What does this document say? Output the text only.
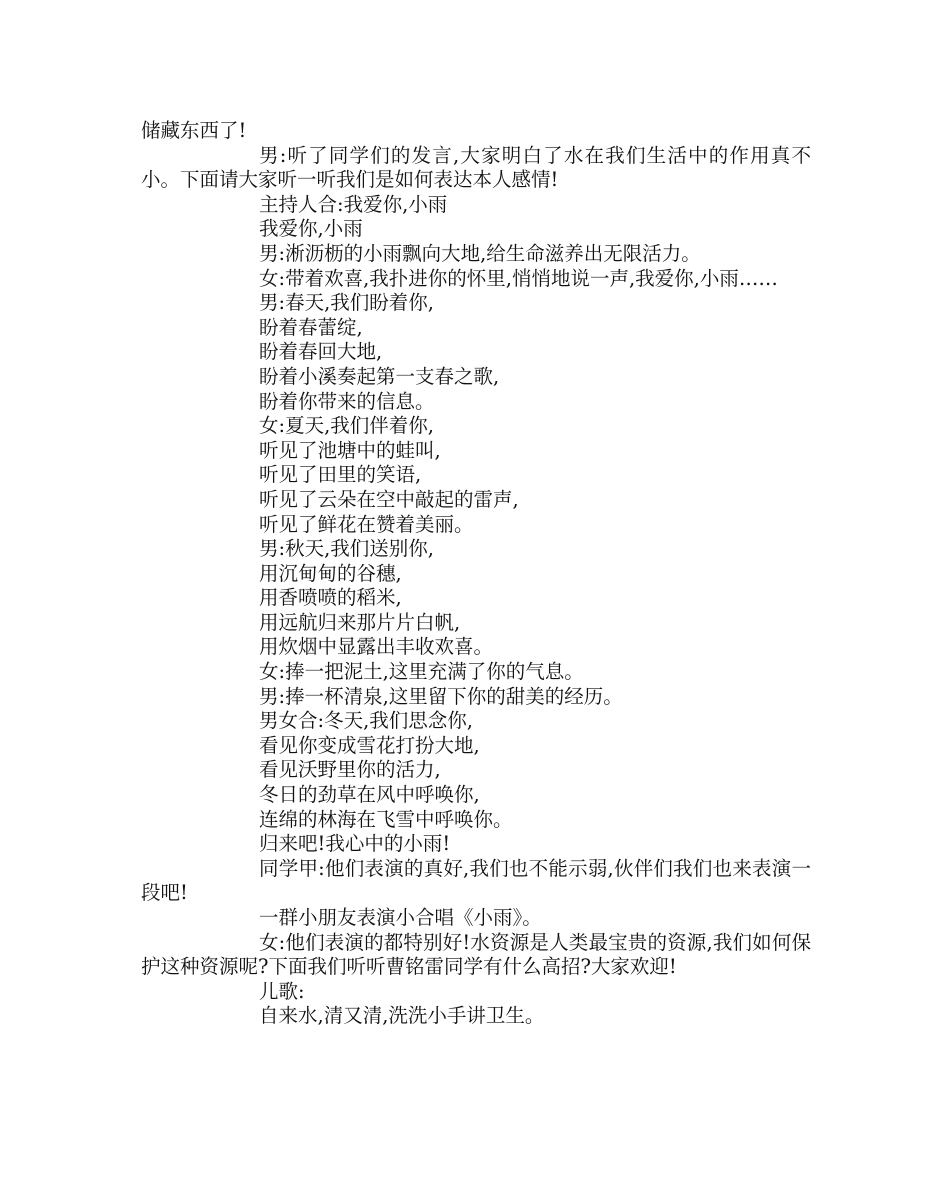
储藏东西了!

男:听了同学们的发言,大家明白了水在我们生活中的作用真不小。下面请大家听一听我们是如何表达本人感情!

主持人合:我爱你,小雨

我爱你,小雨

男:淅沥枥的小雨飘向大地,给生命滋养出无限活力。

女:带着欢喜,我扑进你的怀里,悄悄地说一声,我爱你,小雨……

男:春天,我们盼着你,

盼着春蕾绽,

盼着春回大地,

盼着小溪奏起第一支春之歌,

盼着你带来的信息。

女:夏天,我们伴着你,

听见了池塘中的蛙叫,

听见了田里的笑语,

听见了云朵在空中敲起的雷声,

听见了鲜花在赞着美丽。

男:秋天,我们送别你,

用沉甸甸的谷穗,

用香喷喷的稻米,

用远航归来那片片白帆,

用炊烟中显露出丰收欢喜。

女:捧一把泥土,这里充满了你的气息。

男:捧一杯清泉,这里留下你的甜美的经历。

男女合:冬天,我们思念你,

看见你变成雪花打扮大地,

看见沃野里你的活力,

冬日的劲草在风中呼唤你,

连绵的林海在飞雪中呼唤你。

归来吧!我心中的小雨!

同学甲:他们表演的真好,我们也不能示弱,伙伴们我们也来表演一段吧!

一群小朋友表演小合唱《小雨》。

女:他们表演的都特别好!水资源是人类最宝贵的资源,我们如何保护这种资源呢?下面我们听听曹铭雷同学有什么高招?大家欢迎!

儿歌:

自来水,清又清,洗洗小手讲卫生。
